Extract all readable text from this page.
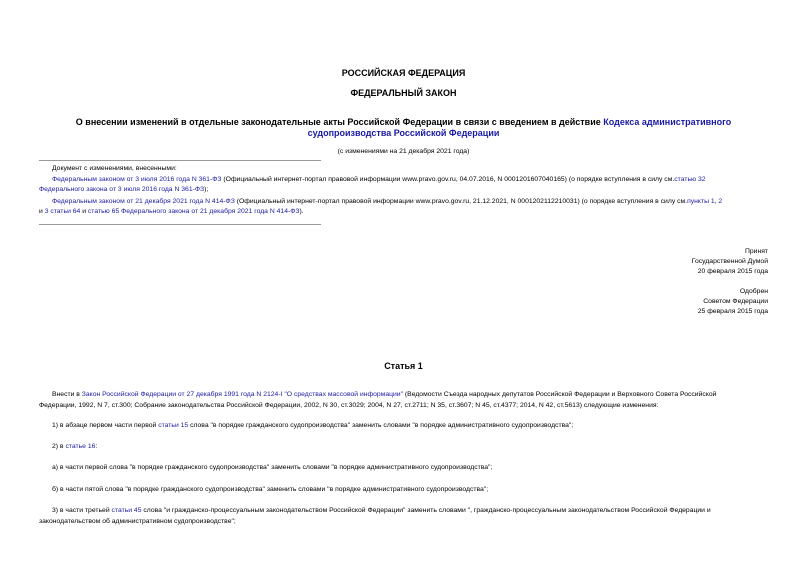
РОССИЙСКАЯ ФЕДЕРАЦИЯ
ФЕДЕРАЛЬНЫЙ ЗАКОН
О внесении изменений в отдельные законодательные акты Российской Федерации в связи с введением в действие Кодекса административного
судопроизводства Российской Федерации
(с изменениями на 21 декабря 2021 года)
Документ с изменениями, внесенными:
Федеральным законом от 3 июля 2016 года N 361-ФЗ (Официальный интернет-портал правовой информации www.pravo.gov.ru, 04.07.2016, N 0001201607040165) (о порядке вступления в силу см.статью 32
Федерального закона от 3 июля 2016 года N 361-ФЗ);
Федеральным законом от 21 декабря 2021 года N 414-ФЗ (Официальный интернет-портал правовой информации www.pravo.gov.ru, 21.12.2021, N 0001202112210031) (о порядке вступления в силу см.пункты 1, 2
и 3 статьи 64 и статью 65 Федерального закона от 21 декабря 2021 года N 414-ФЗ).
Принят
Государственной Думой
20 февраля 2015 года
Одобрен
Советом Федерации
25 февраля 2015 года
Статья 1
Внести в Закон Российской Федерации от 27 декабря 1991 года N 2124-I "О средствах массовой информации" (Ведомости Съезда народных депутатов Российской Федерации и Верховного Совета Российской
Федерации, 1992, N 7, ст.300; Собрание законодательства Российской Федерации, 2002, N 30, ст.3029; 2004, N 27, ст.2711; N 35, ст.3607; N 45, ст.4377; 2014, N 42, ст.5613) следующие изменения:
1) в абзаце первом части первой статьи 15 слова "в порядке гражданского судопроизводства" заменить словами "в порядке административного судопроизводства";
2) в статье 16:
а) в части первой слова "в порядке гражданского судопроизводства" заменить словами "в порядке административного судопроизводства";
б) в части пятой слова "в порядке гражданского судопроизводства" заменить словами "в порядке административного судопроизводства";
3) в части третьей статьи 45 слова "и гражданско-процессуальным законодательством Российской Федерации" заменить словами ", гражданско-процессуальным законодательством Российской Федерации и
законодательством об административном судопроизводстве";
